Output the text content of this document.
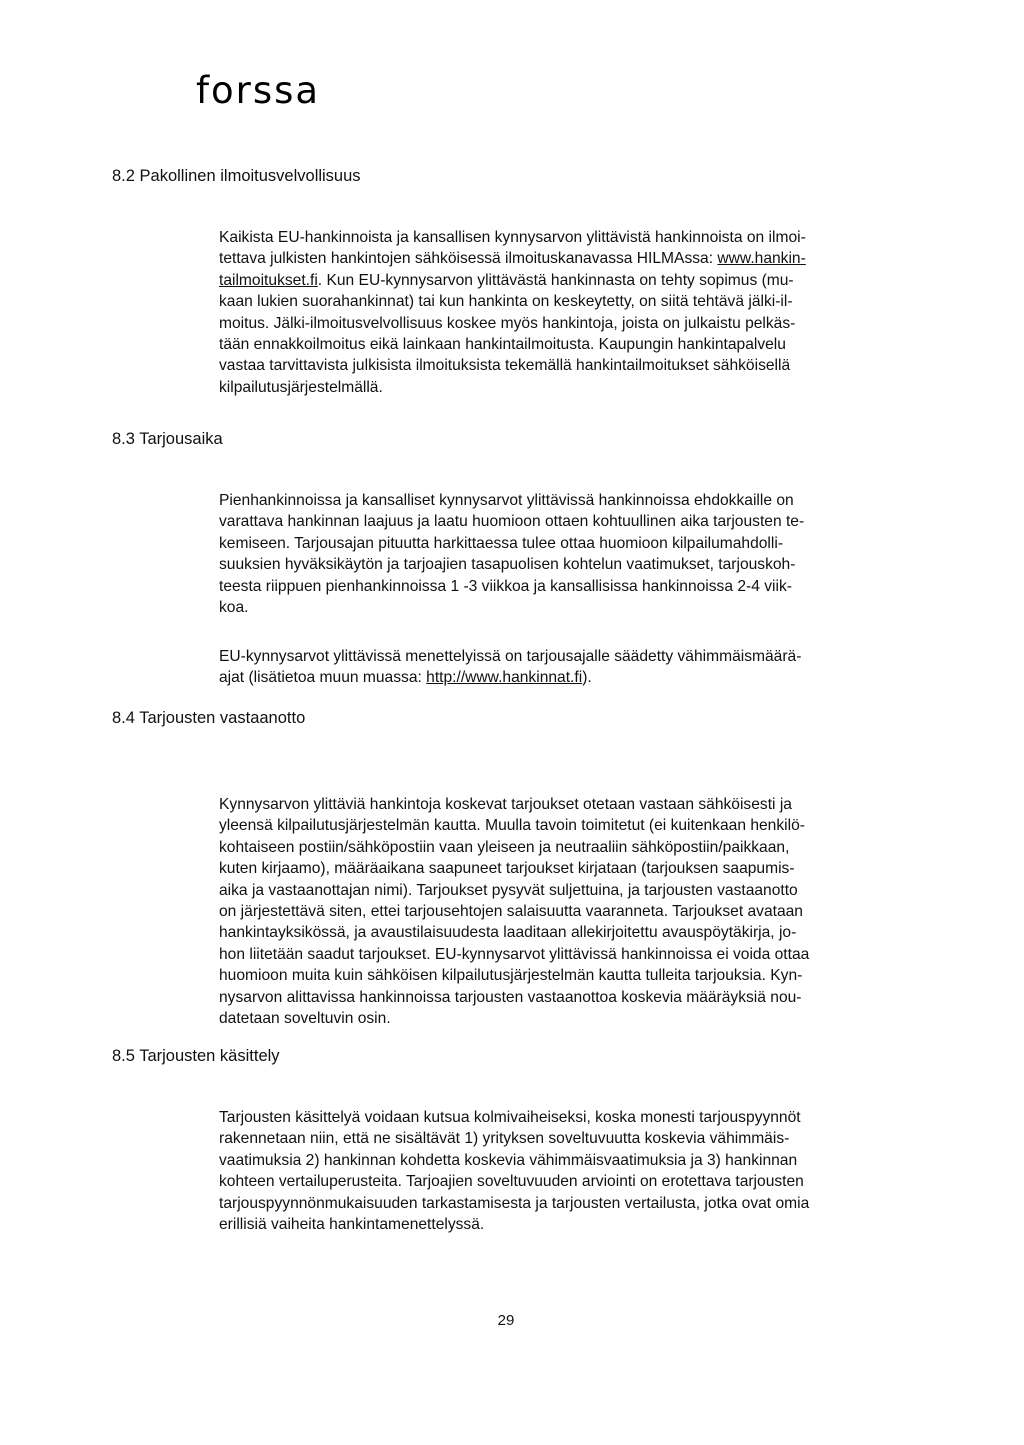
forssa
8.2 Pakollinen ilmoitusvelvollisuus

Kaikista EU-hankinnoista ja kansallisen kynnysarvon ylittävistä hankinnoista on ilmoi-
tettava julkisten hankintojen sähköisessä ilmoituskanavassa HILMAssa: www.hankin-
tailmoitukset.fi. Kun EU-kynnysarvon ylittävästä hankinnasta on tehty sopimus (mu-
kaan lukien suorahankinnat) tai kun hankinta on keskeytetty, on siitä tehtävä jälki-il-
moitus. Jälki-ilmoitusvelvollisuus koskee myös hankintoja, joista on julkaistu pelkäs-
tään ennakkoilmoitus eikä lainkaan hankintailmoitusta. Kaupungin hankintapalvelu
vastaa tarvittavista julkisista ilmoituksista tekemällä hankintailmoitukset sähköisellä
kilpailutusjärjestelmällä.

8.3 Tarjousaika

Pienhankinnoissa ja kansalliset kynnysarvot ylittävissä hankinnoissa ehdokkaille on
varattava hankinnan laajuus ja laatu huomioon ottaen kohtuullinen aika tarjousten te-
kemiseen. Tarjousajan pituutta harkittaessa tulee ottaa huomioon kilpailumahdolli-
suuksien hyväksikäytön ja tarjoajien tasapuolisen kohtelun vaatimukset, tarjouskoh-
teesta riippuen pienhankinnoissa 1 -3 viikkoa ja kansallisissa hankinnoissa 2-4 viik-
koa.

EU-kynnysarvot ylittävissä menettelyissä on tarjousajalle säädetty vähimmäismäärä-
ajat (lisätietoa muun muassa: http://www.hankinnat.fi).

8.4 Tarjousten vastaanotto

Kynnysarvon ylittäviä hankintoja koskevat tarjoukset otetaan vastaan sähköisesti ja
yleensä kilpailutusjärjestelmän kautta. Muulla tavoin toimitetut (ei kuitenkaan henkilö-
kohtaiseen postiin/sähköpostiin vaan yleiseen ja neutraaliin sähköpostiin/paikkaan,
kuten kirjaamo), määräaikana saapuneet tarjoukset kirjataan (tarjouksen saapumis-
aika ja vastaanottajan nimi). Tarjoukset pysyvät suljettuina, ja tarjousten vastaanotto
on järjestettävä siten, ettei tarjousehtojen salaisuutta vaaranneta. Tarjoukset avataan
hankintayksikössä, ja avaustilaisuudesta laaditaan allekirjoitettu avauspöytäkirja, jo-
hon liitetään saadut tarjoukset. EU-kynnysarvot ylittävissä hankinnoissa ei voida ottaa
huomioon muita kuin sähköisen kilpailutusjärjestelmän kautta tulleita tarjouksia. Kyn-
nysarvon alittavissa hankinnoissa tarjousten vastaanottoa koskevia määräyksiä nou-
datetaan soveltuvin osin.

8.5 Tarjousten käsittely

Tarjousten käsittelyä voidaan kutsua kolmivaiheiseksi, koska monesti tarjouspyynnöt
rakennetaan niin, että ne sisältävät 1) yrityksen soveltuvuutta koskevia vähimmäis-
vaatimuksia 2) hankinnan kohdetta koskevia vähimmäisvaatimuksia ja 3) hankinnan
kohteen vertailuperusteita. Tarjoajien soveltuvuuden arviointi on erotettava tarjousten
tarjouspyynnönmukaisuuden tarkastamisesta ja tarjousten vertailusta, jotka ovat omia
erillisiä vaiheita hankintamenettelyssä.

29
